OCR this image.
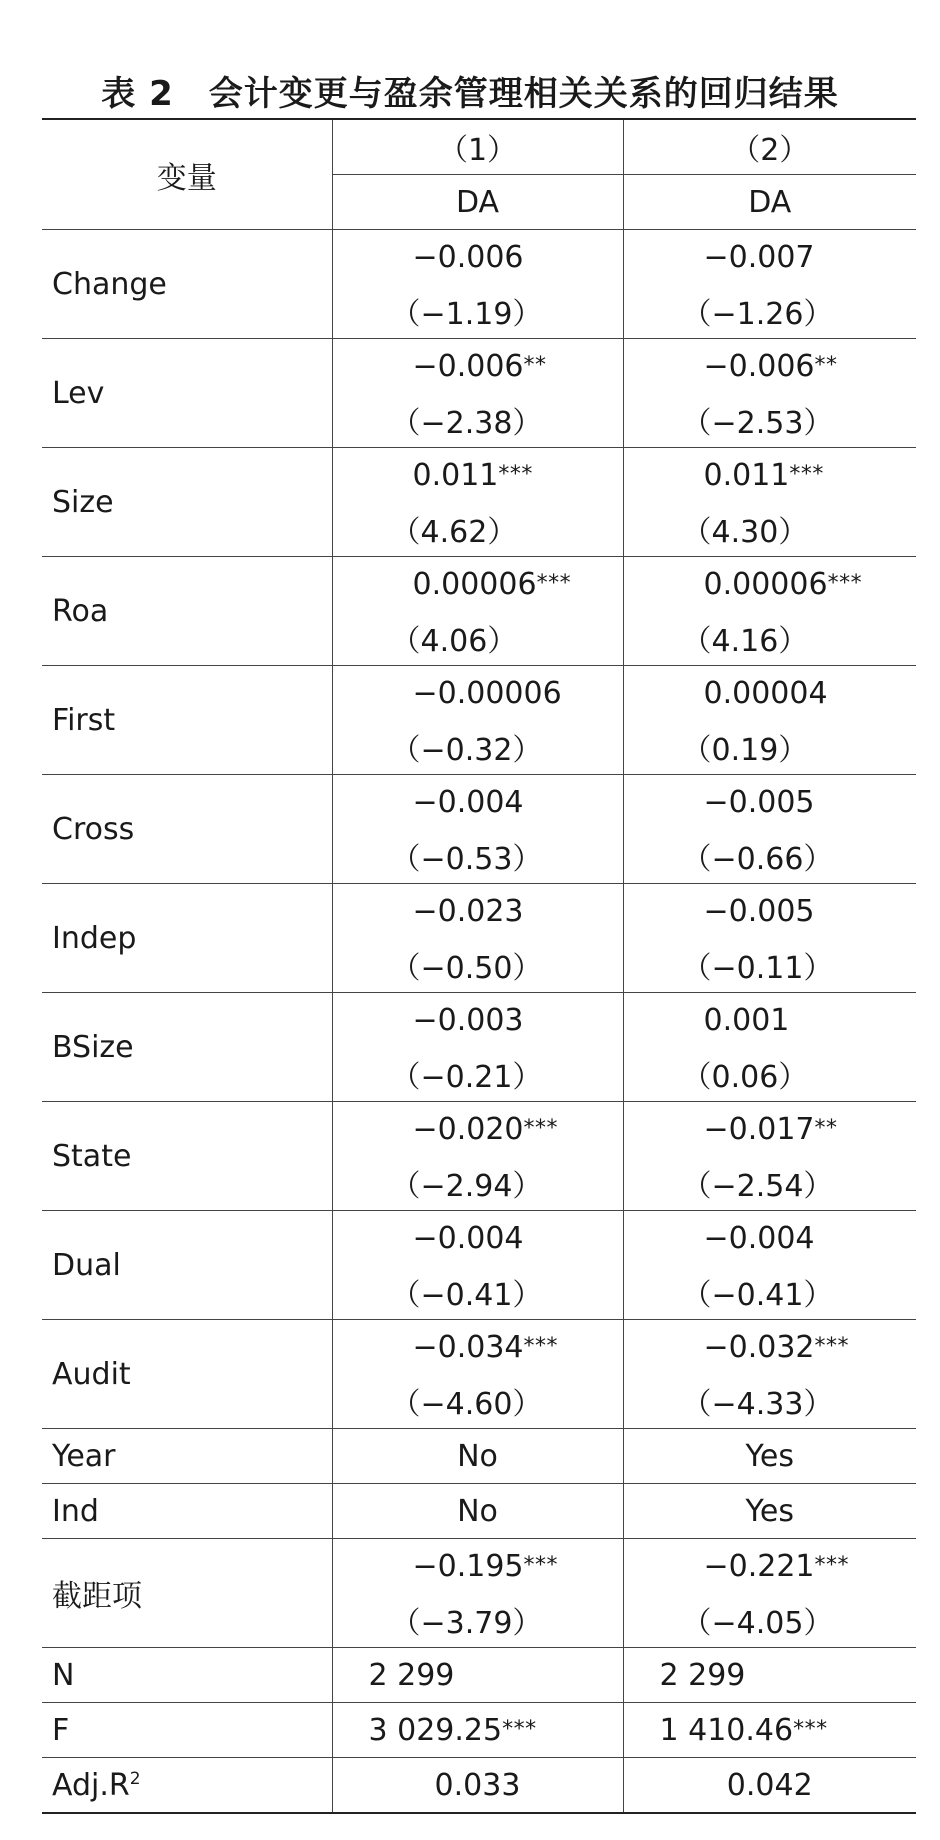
表 2　会计变更与盈余管理相关关系的回归结果
变量	（1）	（2）
	DA	DA
Change	−0.006	−0.007
	（−1.19）	（−1.26）
Lev	−0.006**	−0.006**
	（−2.38）	（−2.53）
Size	0.011***	0.011***
	（4.62）	（4.30）
Roa	0.00006***	0.00006***
	（4.06）	（4.16）
First	−0.00006	0.00004
	（−0.32）	（0.19）
Cross	−0.004	−0.005
	（−0.53）	（−0.66）
Indep	−0.023	−0.005
	（−0.50）	（−0.11）
BSize	−0.003	0.001
	（−0.21）	（0.06）
State	−0.020***	−0.017**
	（−2.94）	（−2.54）
Dual	−0.004	−0.004
	（−0.41）	（−0.41）
Audit	−0.034***	−0.032***
	（−4.60）	（−4.33）
Year	No	Yes
Ind	No	Yes
截距项	−0.195***	−0.221***
	（−3.79）	（−4.05）
N	2 299	2 299
F	3 029.25***	1 410.46***
$Adj.R^2$	0.033	0.042
